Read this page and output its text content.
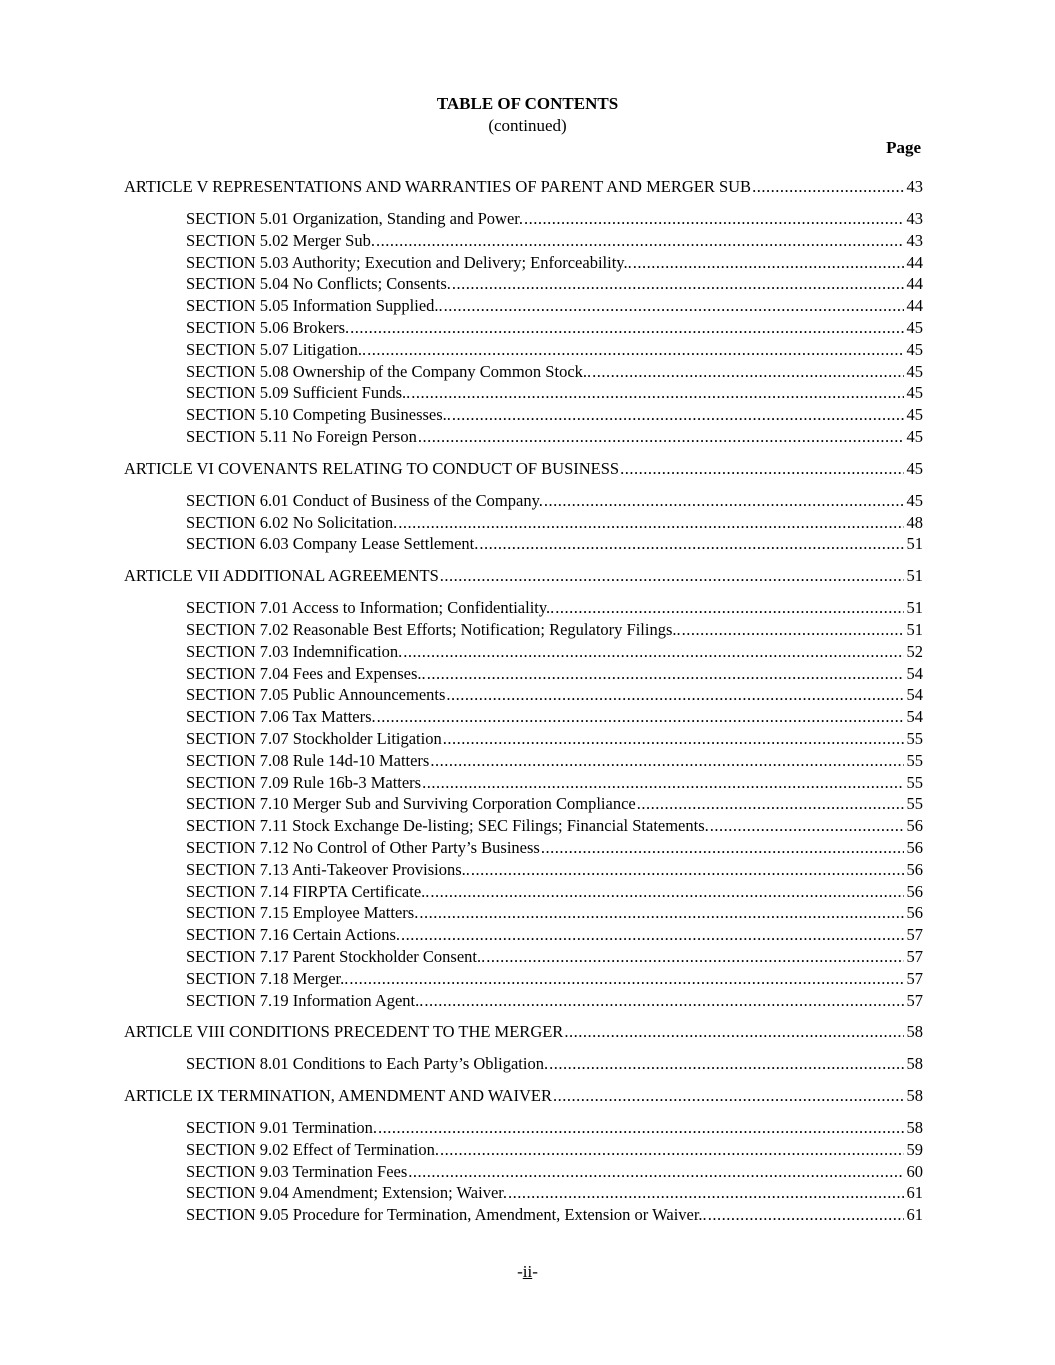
TABLE OF CONTENTS
(continued)
Page
ARTICLE V REPRESENTATIONS AND WARRANTIES OF PARENT AND MERGER SUB .....	43
SECTION 5.01 Organization, Standing and Power. .....	43
SECTION 5.02 Merger Sub. .....	43
SECTION 5.03 Authority; Execution and Delivery; Enforceability.. .....	44
SECTION 5.04 No Conflicts; Consents. .....	44
SECTION 5.05 Information Supplied.. .....	44
SECTION 5.06 Brokers. .....	45
SECTION 5.07 Litigation.. .....	45
SECTION 5.08 Ownership of the Company Common Stock.. .....	45
SECTION 5.09 Sufficient Funds.. .....	45
SECTION 5.10 Competing Businesses.. .....	45
SECTION 5.11 No Foreign Person .....	45
ARTICLE VI COVENANTS RELATING TO CONDUCT OF BUSINESS .....	45
SECTION 6.01 Conduct of Business of the Company. .....	45
SECTION 6.02 No Solicitation. .....	48
SECTION 6.03 Company Lease Settlement. .....	51
ARTICLE VII ADDITIONAL AGREEMENTS .....	51
SECTION 7.01 Access to Information; Confidentiality.. .....	51
SECTION 7.02 Reasonable Best Efforts; Notification; Regulatory Filings.. .....	51
SECTION 7.03 Indemnification. .....	52
SECTION 7.04 Fees and Expenses.. .....	54
SECTION 7.05 Public Announcements .....	54
SECTION 7.06 Tax Matters. .....	54
SECTION 7.07 Stockholder Litigation .....	55
SECTION 7.08 Rule 14d-10 Matters .....	55
SECTION 7.09 Rule 16b-3 Matters .....	55
SECTION 7.10 Merger Sub and Surviving Corporation Compliance .....	55
SECTION 7.11 Stock Exchange De-listing; SEC Filings; Financial Statements. .....	56
SECTION 7.12 No Control of Other Party’s Business .....	56
SECTION 7.13 Anti-Takeover Provisions.. .....	56
SECTION 7.14 FIRPTA Certificate.. .....	56
SECTION 7.15 Employee Matters. .....	56
SECTION 7.16 Certain Actions. .....	57
SECTION 7.17 Parent Stockholder Consent.. .....	57
SECTION 7.18 Merger.. .....	57
SECTION 7.19 Information Agent.. .....	57
ARTICLE VIII CONDITIONS PRECEDENT TO THE MERGER .....	58
SECTION 8.01 Conditions to Each Party’s Obligation. .....	58
ARTICLE IX TERMINATION, AMENDMENT AND WAIVER .....	58
SECTION 9.01 Termination. .....	58
SECTION 9.02 Effect of Termination. .....	59
SECTION 9.03 Termination Fees .....	60
SECTION 9.04 Amendment; Extension; Waiver. .....	61
SECTION 9.05 Procedure for Termination, Amendment, Extension or Waiver.. .....	61
-ii-
